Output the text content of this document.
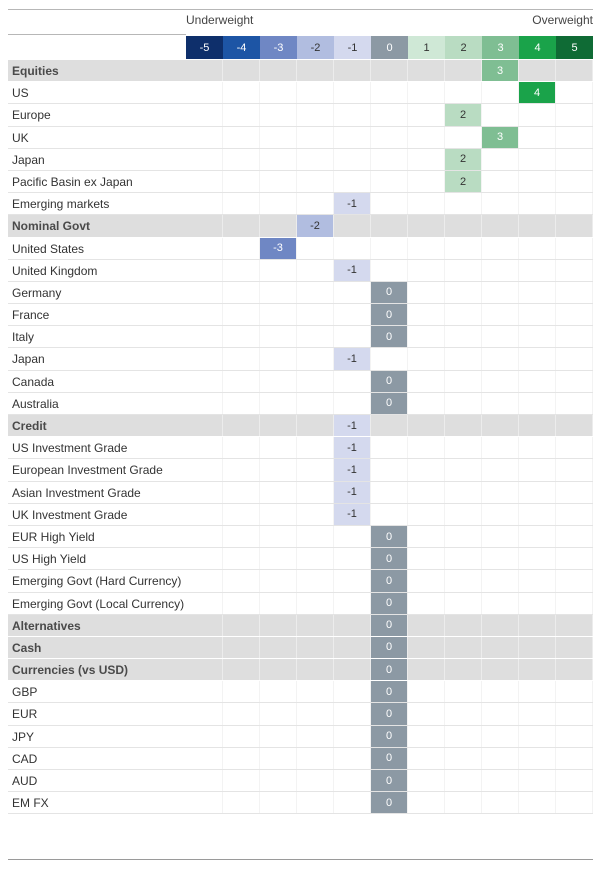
Underweight	Overweight
-5	-4	-3	-2	-1	0	1	2	3	4	5
Equities	3
US	4
Europe	2
UK	3
Japan	2
Pacific Basin ex Japan	2
Emerging markets	-1
Nominal Govt	-2
United States	-3
United Kingdom	-1
Germany	0
France	0
Italy	0
Japan	-1
Canada	0
Australia	0
Credit	-1
US Investment Grade	-1
European Investment Grade	-1
Asian Investment Grade	-1
UK Investment Grade	-1
EUR High Yield	0
US High Yield	0
Emerging Govt (Hard Currency)	0
Emerging Govt (Local Currency)	0
Alternatives	0
Cash	0
Currencies (vs USD)	0
GBP	0
EUR	0
JPY	0
CAD	0
AUD	0
EM FX	0
